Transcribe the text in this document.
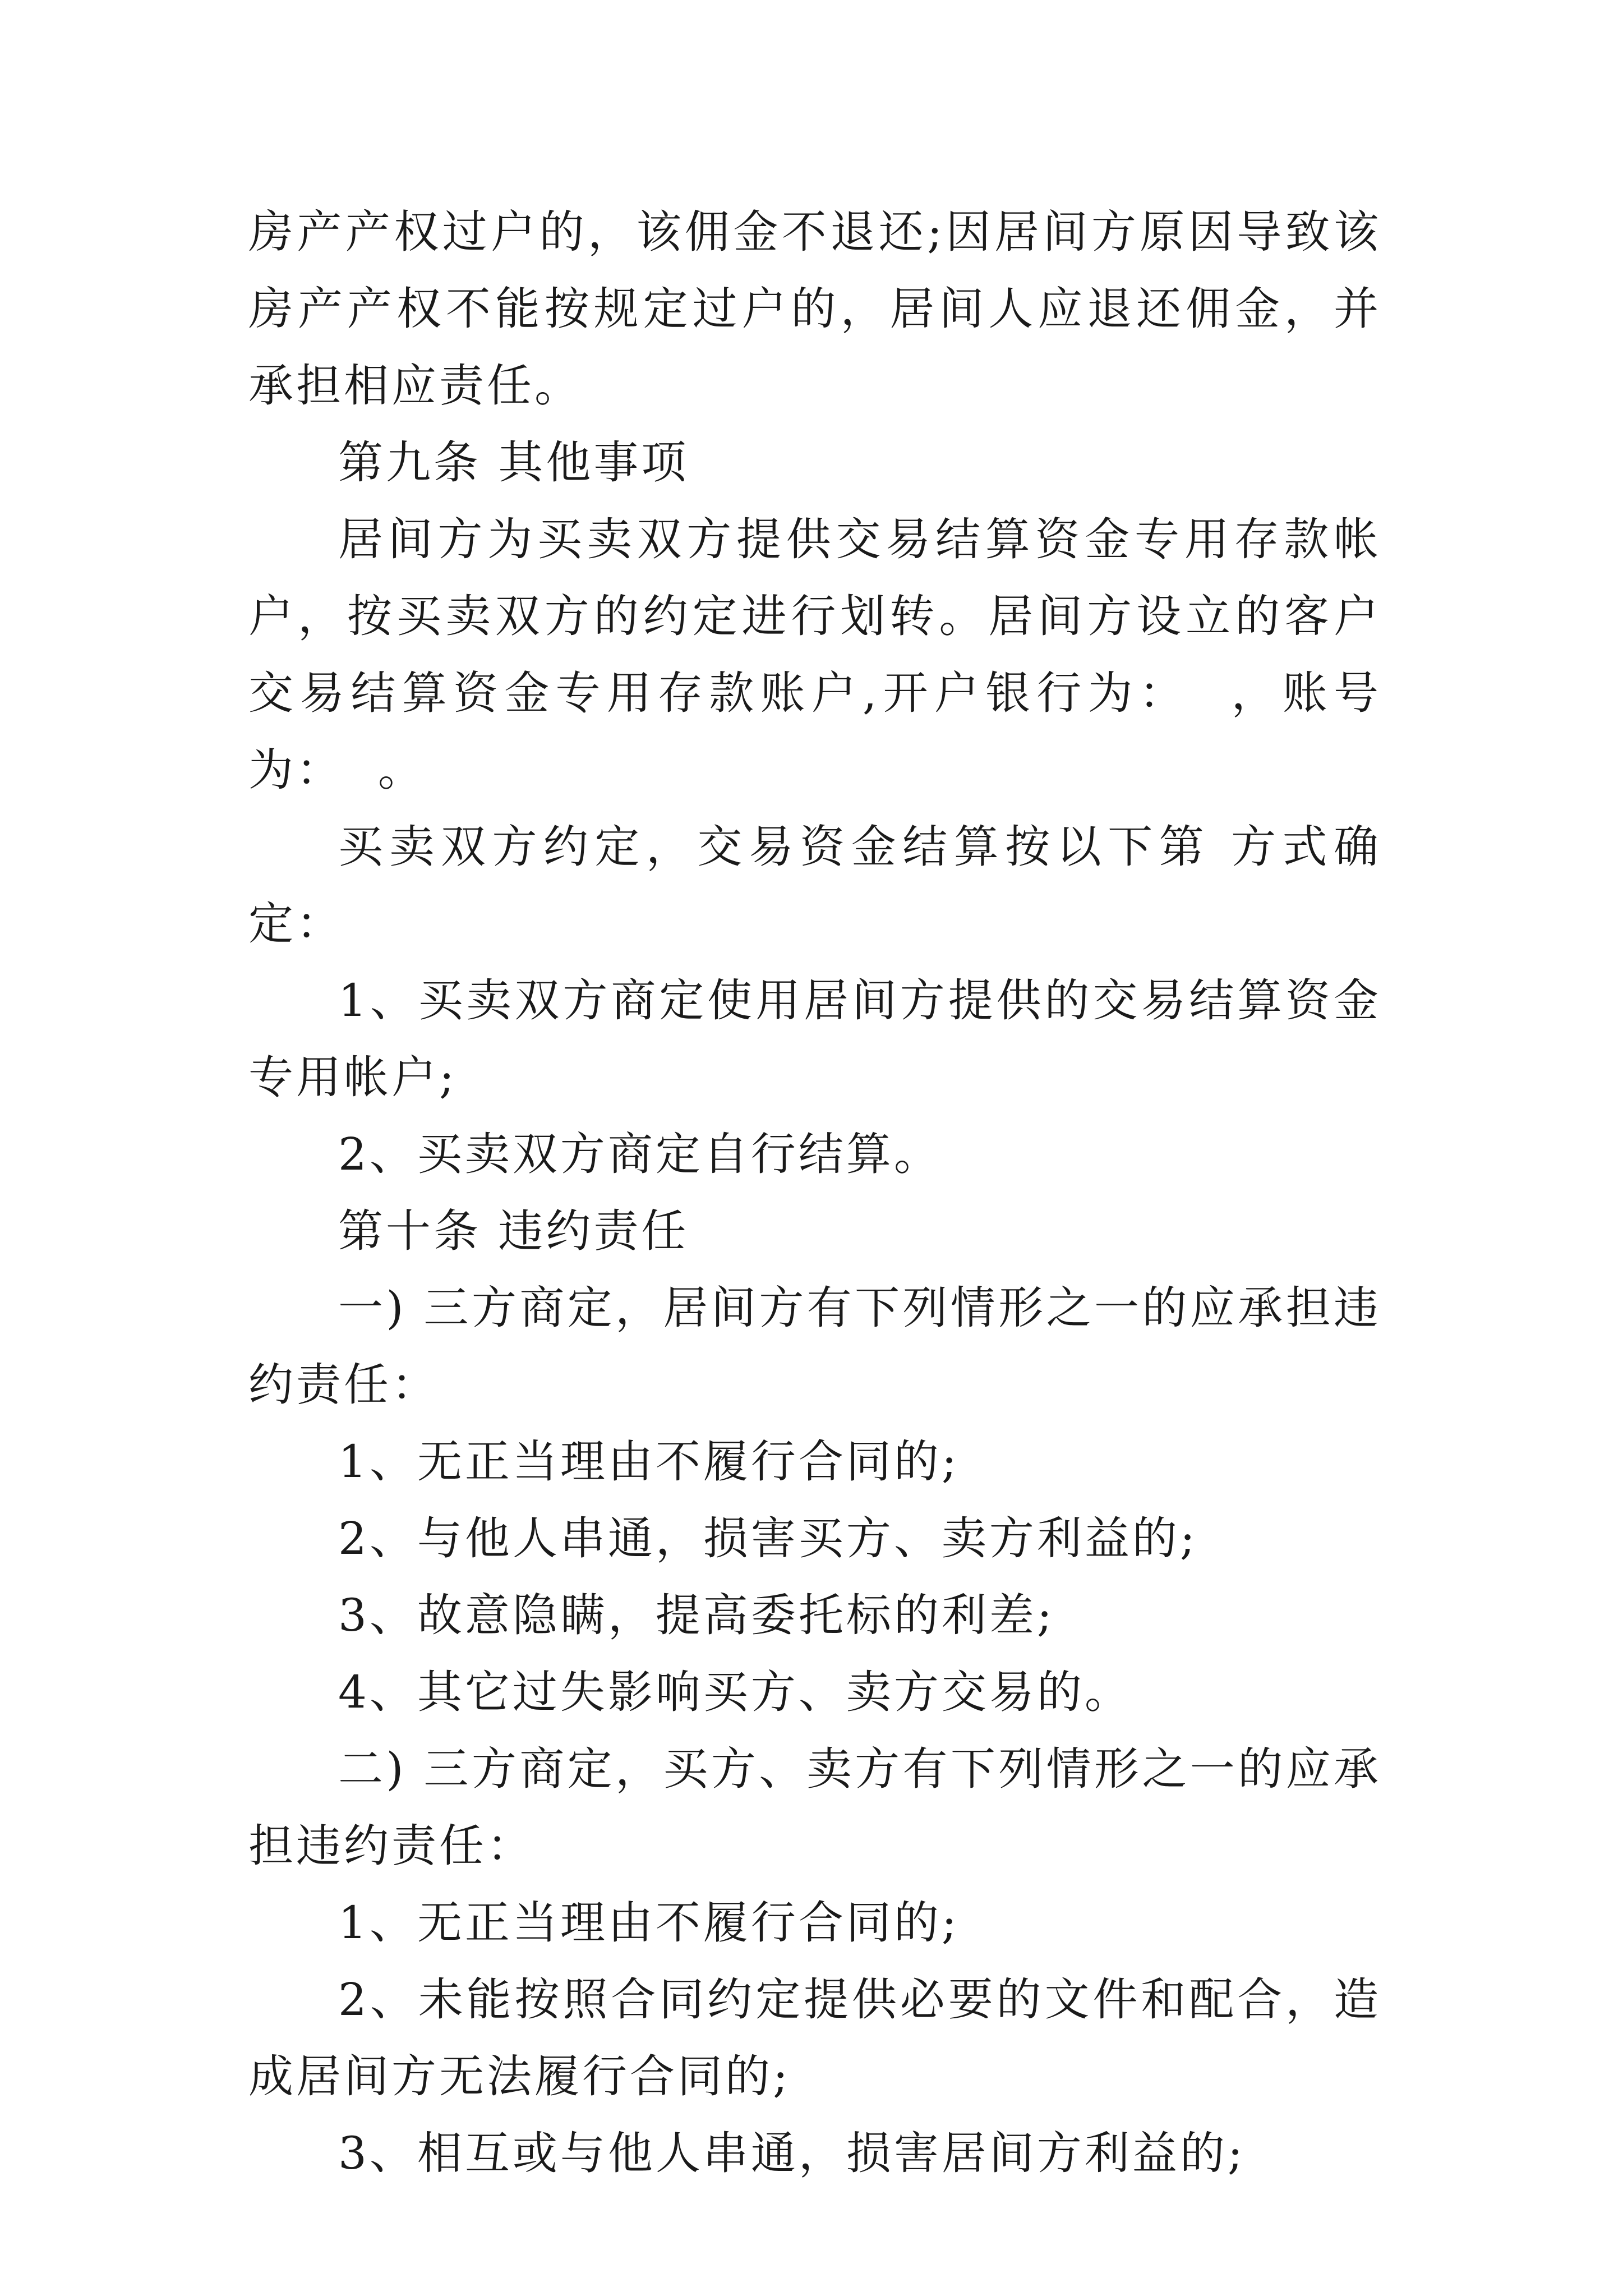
房产产权过户的，该佣金不退还;因居间方原因导致该房产产权不能按规定过户的，居间人应退还佣金，并承担相应责任。

第九条 其他事项

居间方为买卖双方提供交易结算资金专用存款帐户，按买卖双方的约定进行划转。居间方设立的客户交易结算资金专用存款账户,开户银行为：  ，账号为：  。

买卖双方约定，交易资金结算按以下第 方式确定：

1、买卖双方商定使用居间方提供的交易结算资金专用帐户;

2、买卖双方商定自行结算。

第十条 违约责任

一) 三方商定，居间方有下列情形之一的应承担违约责任：

1、无正当理由不履行合同的;

2、与他人串通，损害买方、卖方利益的;

3、故意隐瞒，提高委托标的利差;

4、其它过失影响买方、卖方交易的。

二) 三方商定，买方、卖方有下列情形之一的应承担违约责任：

1、无正当理由不履行合同的;

2、未能按照合同约定提供必要的文件和配合，造成居间方无法履行合同的;

3、相互或与他人串通，损害居间方利益的;
